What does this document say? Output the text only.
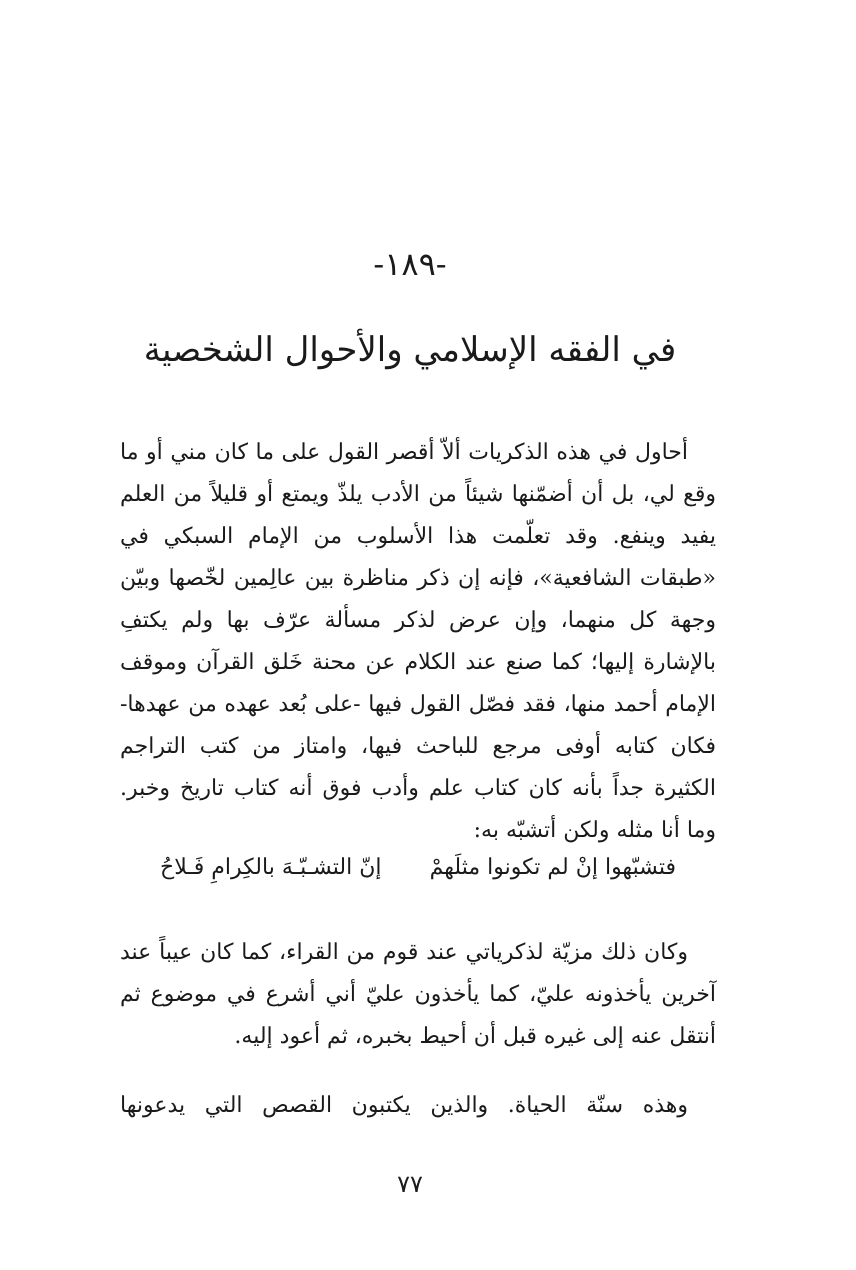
-١٨٩-
في الفقه الإسلامي والأحوال الشخصية

أحاول في هذه الذكريات ألاّ أقصر القول على ما كان مني أو ما وقع لي، بل أن أضمّنها شيئاً من الأدب يلذّ ويمتع أو قليلاً من العلم يفيد وينفع. وقد تعلّمت هذا الأسلوب من الإمام السبكي في «طبقات الشافعية»، فإنه إن ذكر مناظرة بين عالِمين لخّصها وبيّن وجهة كل منهما، وإن عرض لذكر مسألة عرّف بها ولم يكتفِ بالإشارة إليها؛ كما صنع عند الكلام عن محنة خَلق القرآن وموقف الإمام أحمد منها، فقد فصّل القول فيها -على بُعد عهده من عهدها- فكان كتابه أوفى مرجع للباحث فيها، وامتاز من كتب التراجم الكثيرة جداً بأنه كان كتاب علم وأدب فوق أنه كتاب تاريخ وخبر. وما أنا مثله ولكن أتشبّه به:

فتشبّهوا إنْ لم تكونوا مثلَهمْ
إنّ التشـبّـهَ بالكِرامِ فَـلاحُ

وكان ذلك مزيّة لذكرياتي عند قوم من القراء، كما كان عيباً عند آخرين يأخذونه عليّ، كما يأخذون عليّ أني أشرع في موضوع ثم أنتقل عنه إلى غيره قبل أن أحيط بخبره، ثم أعود إليه.

وهذه سنّة الحياة. والذين يكتبون القصص التي يدعونها

٧٧
